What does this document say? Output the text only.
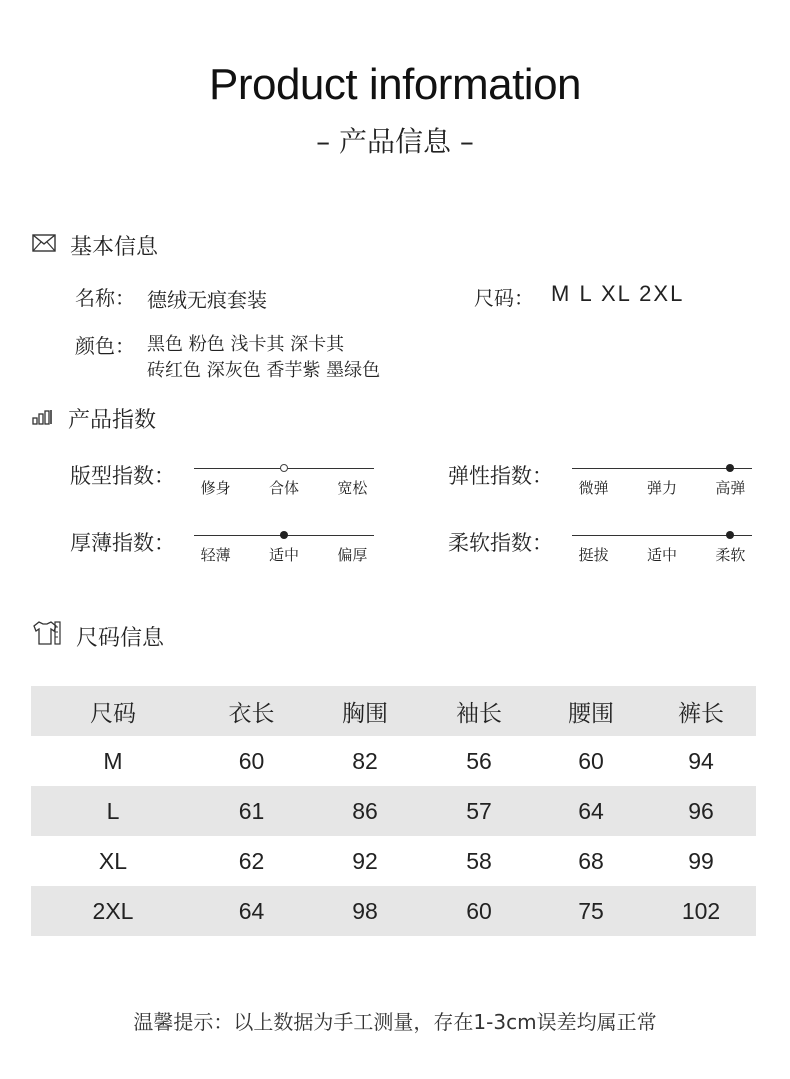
Product information
– 产品信息 –
基本信息
名称： 德绒无痕套装	尺码： M L XL 2XL
颜色： 黑色 粉色 浅卡其 深卡其
砖红色 深灰色 香芋紫 墨绿色
产品指数
版型指数： 修身	合体	宽松	弹性指数： 微弹	弹力	高弹
厚薄指数： 轻薄	适中	偏厚	柔软指数： 挺拔	适中	柔软
尺码信息
尺码	衣长	胸围	袖长	腰围	裤长
M	60	82	56	60	94
L	61	86	57	64	96
XL	62	92	58	68	99
2XL	64	98	60	75	102
温馨提示：以上数据为手工测量，存在1-3cm误差均属正常
